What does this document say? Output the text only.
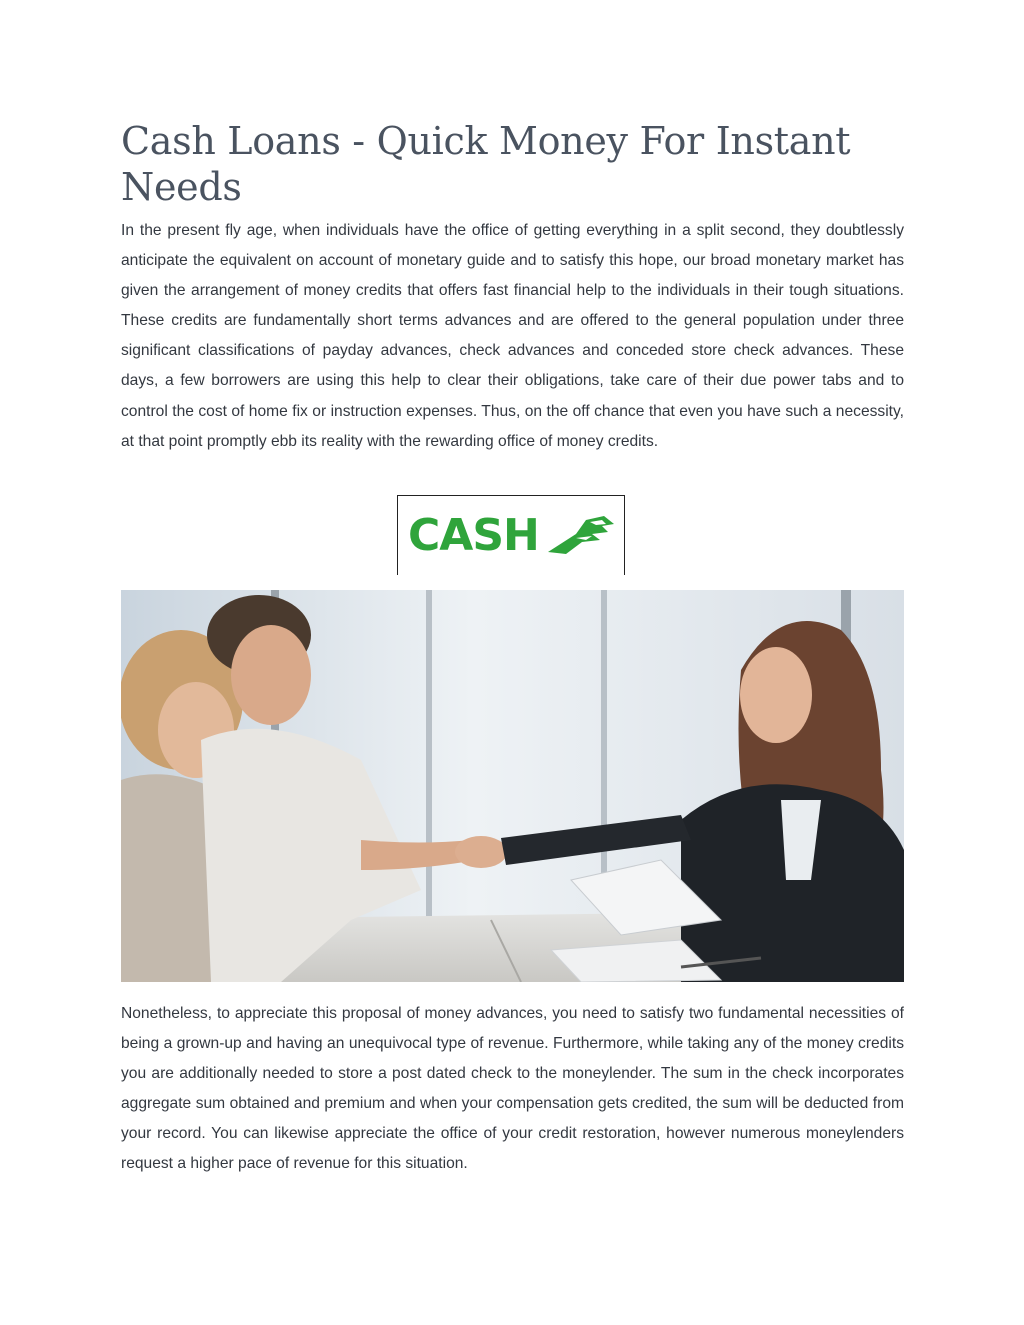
Cash Loans - Quick Money For Instant Needs

In the present fly age, when individuals have the office of getting everything in a split second, they doubtlessly anticipate the equivalent on account of monetary guide and to satisfy this hope, our broad monetary market has given the arrangement of money credits that offers fast financial help to the individuals in their tough situations. These credits are fundamentally short terms advances and are offered to the general population under three significant classifications of payday advances, check advances and conceded store check advances. These days, a few borrowers are using this help to clear their obligations, take care of their due power tabs and to control the cost of home fix or instruction expenses. Thus, on the off chance that even you have such a necessity, at that point promptly ebb its reality with the rewarding office of money credits.

CASH

Nonetheless, to appreciate this proposal of money advances, you need to satisfy two fundamental necessities of being a grown-up and having an unequivocal type of revenue. Furthermore, while taking any of the money credits you are additionally needed to store a post dated check to the moneylender. The sum in the check incorporates aggregate sum obtained and premium and when your compensation gets credited, the sum will be deducted from your record. You can likewise appreciate the office of your credit restoration, however numerous moneylenders request a higher pace of revenue for this situation.
